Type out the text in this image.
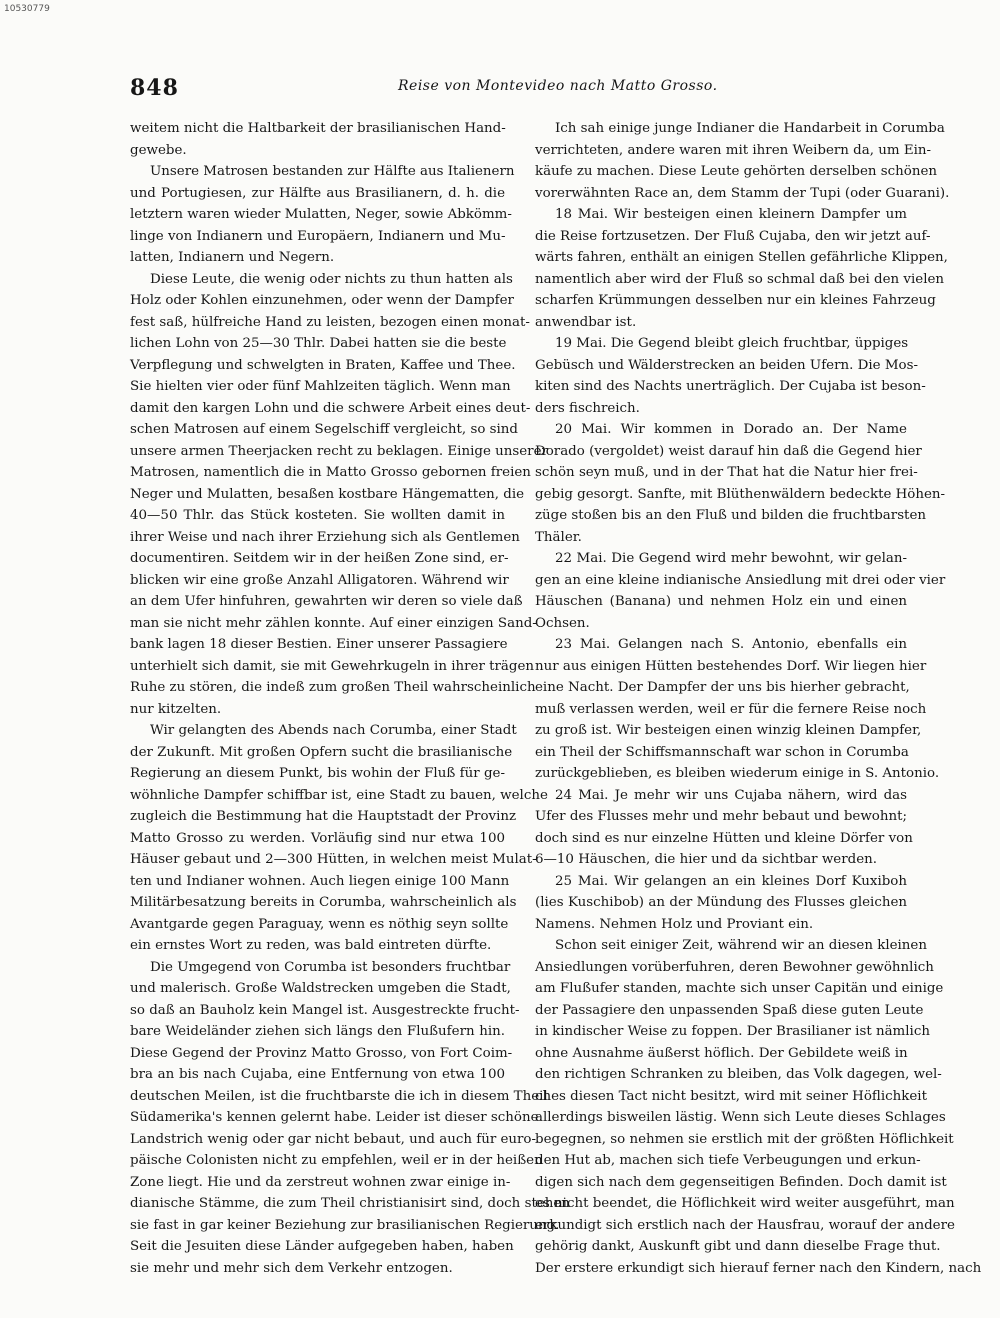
10530779
848	Reise von Montevideo nach Matto Grosso.
weitem nicht die Haltbarkeit der brasilianischen Hand-
gewebe.
Unsere Matrosen bestanden zur Hälfte aus Italienern
und Portugiesen, zur Hälfte aus Brasilianern, d. h. die
letztern waren wieder Mulatten, Neger, sowie Abkömm-
linge von Indianern und Europäern, Indianern und Mu-
latten, Indianern und Negern.
Diese Leute, die wenig oder nichts zu thun hatten als
Holz oder Kohlen einzunehmen, oder wenn der Dampfer
fest saß, hülfreiche Hand zu leisten, bezogen einen monat-
lichen Lohn von 25—30 Thlr. Dabei hatten sie die beste
Verpflegung und schwelgten in Braten, Kaffee und Thee.
Sie hielten vier oder fünf Mahlzeiten täglich. Wenn man
damit den kargen Lohn und die schwere Arbeit eines deut-
schen Matrosen auf einem Segelschiff vergleicht, so sind
unsere armen Theerjacken recht zu beklagen. Einige unserer
Matrosen, namentlich die in Matto Grosso gebornen freien
Neger und Mulatten, besaßen kostbare Hängematten, die
40—50 Thlr. das Stück kosteten. Sie wollten damit in
ihrer Weise und nach ihrer Erziehung sich als Gentlemen
documentiren. Seitdem wir in der heißen Zone sind, er-
blicken wir eine große Anzahl Alligatoren. Während wir
an dem Ufer hinfuhren, gewahrten wir deren so viele daß
man sie nicht mehr zählen konnte. Auf einer einzigen Sand-
bank lagen 18 dieser Bestien. Einer unserer Passagiere
unterhielt sich damit, sie mit Gewehrkugeln in ihrer trägen
Ruhe zu stören, die indeß zum großen Theil wahrscheinlich
nur kitzelten.
Wir gelangten des Abends nach Corumba, einer Stadt
der Zukunft. Mit großen Opfern sucht die brasilianische
Regierung an diesem Punkt, bis wohin der Fluß für ge-
wöhnliche Dampfer schiffbar ist, eine Stadt zu bauen, welche
zugleich die Bestimmung hat die Hauptstadt der Provinz
Matto Grosso zu werden. Vorläufig sind nur etwa 100
Häuser gebaut und 2—300 Hütten, in welchen meist Mulat-
ten und Indianer wohnen. Auch liegen einige 100 Mann
Militärbesatzung bereits in Corumba, wahrscheinlich als
Avantgarde gegen Paraguay, wenn es nöthig seyn sollte
ein ernstes Wort zu reden, was bald eintreten dürfte.
Die Umgegend von Corumba ist besonders fruchtbar
und malerisch. Große Waldstrecken umgeben die Stadt,
so daß an Bauholz kein Mangel ist. Ausgestreckte frucht-
bare Weideländer ziehen sich längs den Flußufern hin.
Diese Gegend der Provinz Matto Grosso, von Fort Coim-
bra an bis nach Cujaba, eine Entfernung von etwa 100
deutschen Meilen, ist die fruchtbarste die ich in diesem Theil
Südamerika's kennen gelernt habe. Leider ist dieser schöne
Landstrich wenig oder gar nicht bebaut, und auch für euro-
päische Colonisten nicht zu empfehlen, weil er in der heißen
Zone liegt. Hie und da zerstreut wohnen zwar einige in-
dianische Stämme, die zum Theil christianisirt sind, doch stehen
sie fast in gar keiner Beziehung zur brasilianischen Regierung.
Seit die Jesuiten diese Länder aufgegeben haben, haben
sie mehr und mehr sich dem Verkehr entzogen.
Ich sah einige junge Indianer die Handarbeit in Corumba
verrichteten, andere waren mit ihren Weibern da, um Ein-
käufe zu machen. Diese Leute gehörten derselben schönen
vorerwähnten Race an, dem Stamm der Tupi (oder Guarani).
18 Mai. Wir besteigen einen kleinern Dampfer um
die Reise fortzusetzen. Der Fluß Cujaba, den wir jetzt auf-
wärts fahren, enthält an einigen Stellen gefährliche Klippen,
namentlich aber wird der Fluß so schmal daß bei den vielen
scharfen Krümmungen desselben nur ein kleines Fahrzeug
anwendbar ist.
19 Mai. Die Gegend bleibt gleich fruchtbar, üppiges
Gebüsch und Wälderstrecken an beiden Ufern. Die Mos-
kiten sind des Nachts unerträglich. Der Cujaba ist beson-
ders fischreich.
20 Mai. Wir kommen in Dorado an. Der Name
Dorado (vergoldet) weist darauf hin daß die Gegend hier
schön seyn muß, und in der That hat die Natur hier frei-
gebig gesorgt. Sanfte, mit Blüthenwäldern bedeckte Höhen-
züge stoßen bis an den Fluß und bilden die fruchtbarsten
Thäler.
22 Mai. Die Gegend wird mehr bewohnt, wir gelan-
gen an eine kleine indianische Ansiedlung mit drei oder vier
Häuschen (Banana) und nehmen Holz ein und einen
Ochsen.
23 Mai. Gelangen nach S. Antonio, ebenfalls ein
nur aus einigen Hütten bestehendes Dorf. Wir liegen hier
eine Nacht. Der Dampfer der uns bis hierher gebracht,
muß verlassen werden, weil er für die fernere Reise noch
zu groß ist. Wir besteigen einen winzig kleinen Dampfer,
ein Theil der Schiffsmannschaft war schon in Corumba
zurückgeblieben, es bleiben wiederum einige in S. Antonio.
24 Mai. Je mehr wir uns Cujaba nähern, wird das
Ufer des Flusses mehr und mehr bebaut und bewohnt;
doch sind es nur einzelne Hütten und kleine Dörfer von
6—10 Häuschen, die hier und da sichtbar werden.
25 Mai. Wir gelangen an ein kleines Dorf Kuxiboh
(lies Kuschibob) an der Mündung des Flusses gleichen
Namens. Nehmen Holz und Proviant ein.
Schon seit einiger Zeit, während wir an diesen kleinen
Ansiedlungen vorüberfuhren, deren Bewohner gewöhnlich
am Flußufer standen, machte sich unser Capitän und einige
der Passagiere den unpassenden Spaß diese guten Leute
in kindischer Weise zu foppen. Der Brasilianer ist nämlich
ohne Ausnahme äußerst höflich. Der Gebildete weiß in
den richtigen Schranken zu bleiben, das Volk dagegen, wel-
ches diesen Tact nicht besitzt, wird mit seiner Höflichkeit
allerdings bisweilen lästig. Wenn sich Leute dieses Schlages
begegnen, so nehmen sie erstlich mit der größten Höflichkeit
den Hut ab, machen sich tiefe Verbeugungen und erkun-
digen sich nach dem gegenseitigen Befinden. Doch damit ist
es nicht beendet, die Höflichkeit wird weiter ausgeführt, man
erkundigt sich erstlich nach der Hausfrau, worauf der andere
gehörig dankt, Auskunft gibt und dann dieselbe Frage thut.
Der erstere erkundigt sich hierauf ferner nach den Kindern, nach
